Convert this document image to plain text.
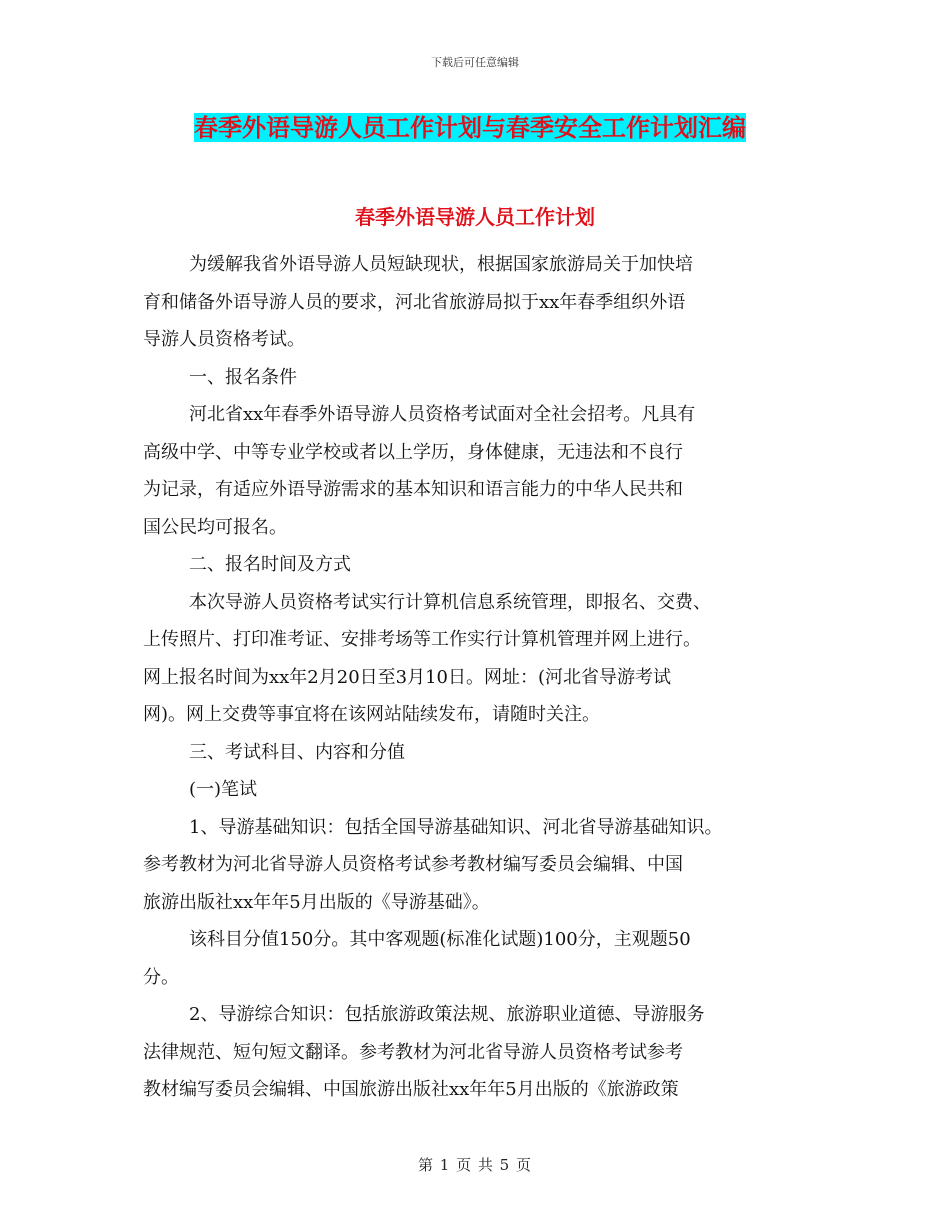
下载后可任意编辑
春季外语导游人员工作计划与春季安全工作计划汇编
春季外语导游人员工作计划
为缓解我省外语导游人员短缺现状，根据国家旅游局关于加快培
育和储备外语导游人员的要求，河北省旅游局拟于xx年春季组织外语
导游人员资格考试。
一、报名条件
河北省xx年春季外语导游人员资格考试面对全社会招考。凡具有
高级中学、中等专业学校或者以上学历，身体健康，无违法和不良行
为记录，有适应外语导游需求的基本知识和语言能力的中华人民共和
国公民均可报名。
二、报名时间及方式
本次导游人员资格考试实行计算机信息系统管理，即报名、交费、
上传照片、打印准考证、安排考场等工作实行计算机管理并网上进行。
网上报名时间为xx年2月20日至3月10日。网址：(河北省导游考试
网)。网上交费等事宜将在该网站陆续发布，请随时关注。
三、考试科目、内容和分值
(一)笔试
1、导游基础知识：包括全国导游基础知识、河北省导游基础知识。
参考教材为河北省导游人员资格考试参考教材编写委员会编辑、中国
旅游出版社xx年年5月出版的《导游基础》。
该科目分值150分。其中客观题(标准化试题)100分，主观题50
分。
2、导游综合知识：包括旅游政策法规、旅游职业道德、导游服务
法律规范、短句短文翻译。参考教材为河北省导游人员资格考试参考
教材编写委员会编辑、中国旅游出版社xx年年5月出版的《旅游政策
第 1 页 共 5 页
